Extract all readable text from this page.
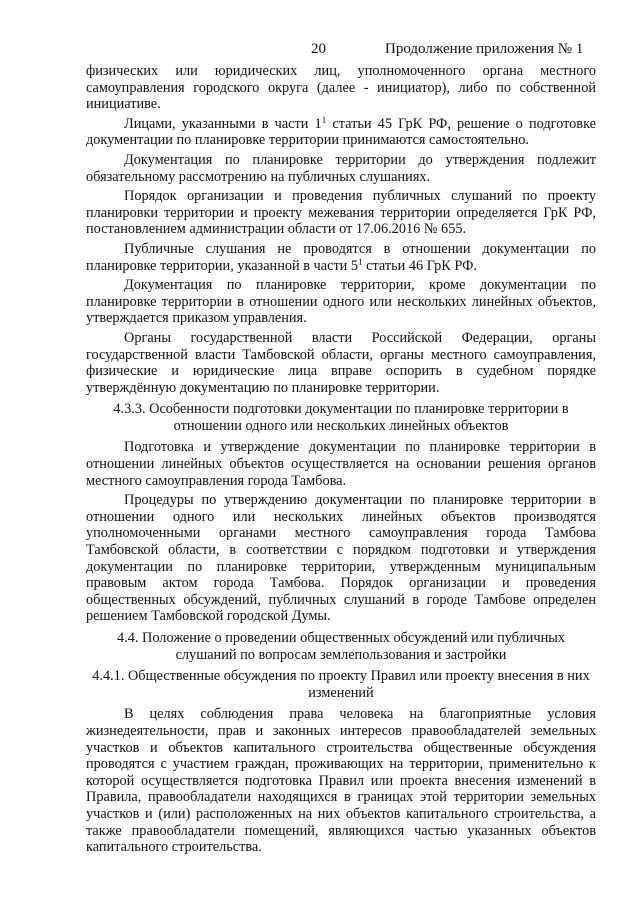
20	Продолжение приложения № 1

физических или юридических лиц, уполномоченного органа местного самоуправления городского округа (далее - инициатор), либо по собственной инициативе.

Лицами, указанными в части $1^1$ статьи 45 ГрК РФ, решение о подготовке документации по планировке территории принимаются самостоятельно.

Документация по планировке территории до утверждения подлежит обязательному рассмотрению на публичных слушаниях.

Порядок организации и проведения публичных слушаний по проекту планировки территории и проекту межевания территории определяется ГрК РФ, постановлением администрации области от 17.06.2016 № 655.

Публичные слушания не проводятся в отношении документации по планировке территории, указанной в части $5^1$ статьи 46 ГрК РФ.

Документация по планировке территории, кроме документации по планировке территории в отношении одного или нескольких линейных объектов, утверждается приказом управления.

Органы государственной власти Российской Федерации, органы государственной власти Тамбовской области, органы местного самоуправления, физические и юридические лица вправе оспорить в судебном порядке утверждённую документацию по планировке территории.

4.3.3. Особенности подготовки документации по планировке территории в отношении одного или нескольких линейных объектов

Подготовка и утверждение документации по планировке территории в отношении линейных объектов осуществляется на основании решения органов местного самоуправления города Тамбова.

Процедуры по утверждению документации по планировке территории в отношении одного или нескольких линейных объектов производятся уполномоченными органами местного самоуправления города Тамбова Тамбовской области, в соответствии с порядком подготовки и утверждения документации по планировке территории, утвержденным муниципальным правовым актом города Тамбова. Порядок организации и проведения общественных обсуждений, публичных слушаний в городе Тамбове определен решением Тамбовской городской Думы.

4.4. Положение о проведении общественных обсуждений или публичных слушаний по вопросам землепользования и застройки
4.4.1. Общественные обсуждения по проекту Правил или проекту внесения в них изменений

В целях соблюдения права человека на благоприятные условия жизнедеятельности, прав и законных интересов правообладателей земельных участков и объектов капитального строительства общественные обсуждения проводятся с участием граждан, проживающих на территории, применительно к которой осуществляется подготовка Правил или проекта внесения изменений в Правила, правообладатели находящихся в границах этой территории земельных участков и (или) расположенных на них объектов капитального строительства, а также правообладатели помещений, являющихся частью указанных объектов капитального строительства.
